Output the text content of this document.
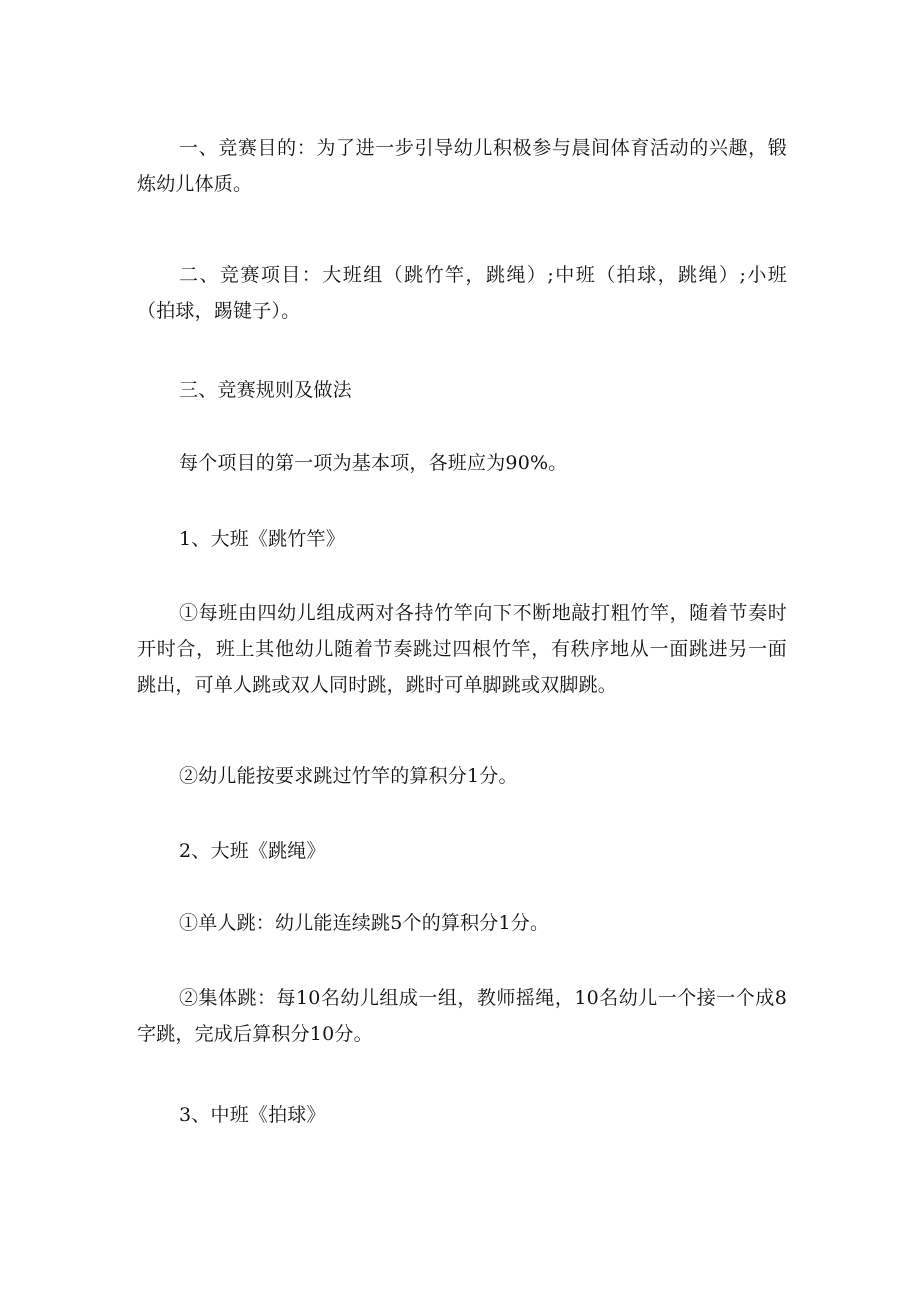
一、竞赛目的：为了进一步引导幼儿积极参与晨间体育活动的兴趣，锻炼幼儿体质。

二、竞赛项目：大班组（跳竹竿，跳绳）;中班（拍球，跳绳）;小班（拍球，踢键子）。

三、竞赛规则及做法

每个项目的第一项为基本项，各班应为90%。

1、大班《跳竹竿》

①每班由四幼儿组成两对各持竹竿向下不断地敲打粗竹竿，随着节奏时开时合，班上其他幼儿随着节奏跳过四根竹竿，有秩序地从一面跳进另一面跳出，可单人跳或双人同时跳，跳时可单脚跳或双脚跳。

②幼儿能按要求跳过竹竿的算积分1分。

2、大班《跳绳》

①单人跳：幼儿能连续跳5个的算积分1分。

②集体跳：每10名幼儿组成一组，教师摇绳，10名幼儿一个接一个成8字跳，完成后算积分10分。

3、中班《拍球》
